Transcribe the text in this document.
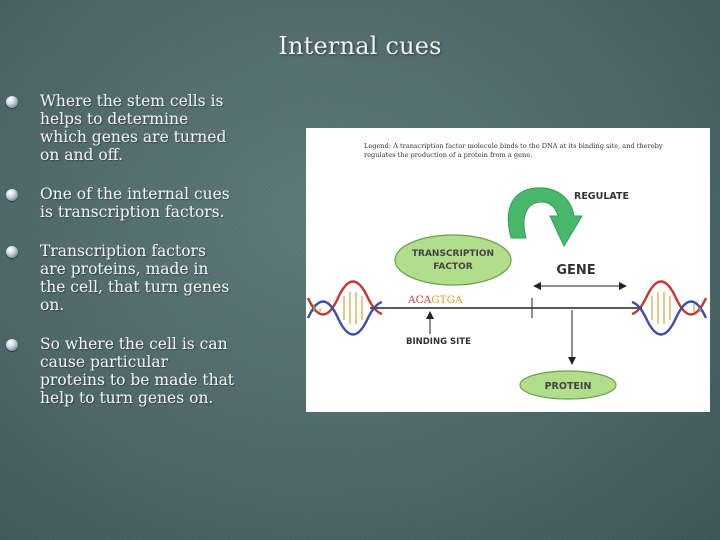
Internal cues
Where the stem cells is
helps to determine
which genes are turned
on and off.
One of the internal cues
is transcription factors.
Transcription factors
are proteins, made in
the cell, that turn genes
on.
So where the cell is can
cause particular
proteins to be made that
help to turn genes on.
Legend: A transcription factor molecule binds to the DNA at its binding site, and thereby
regulates the production of a protein from a gene.
REGULATE
TRANSCRIPTION
FACTOR	GENE
ACAGTGA
BINDING SITE
PROTEIN
